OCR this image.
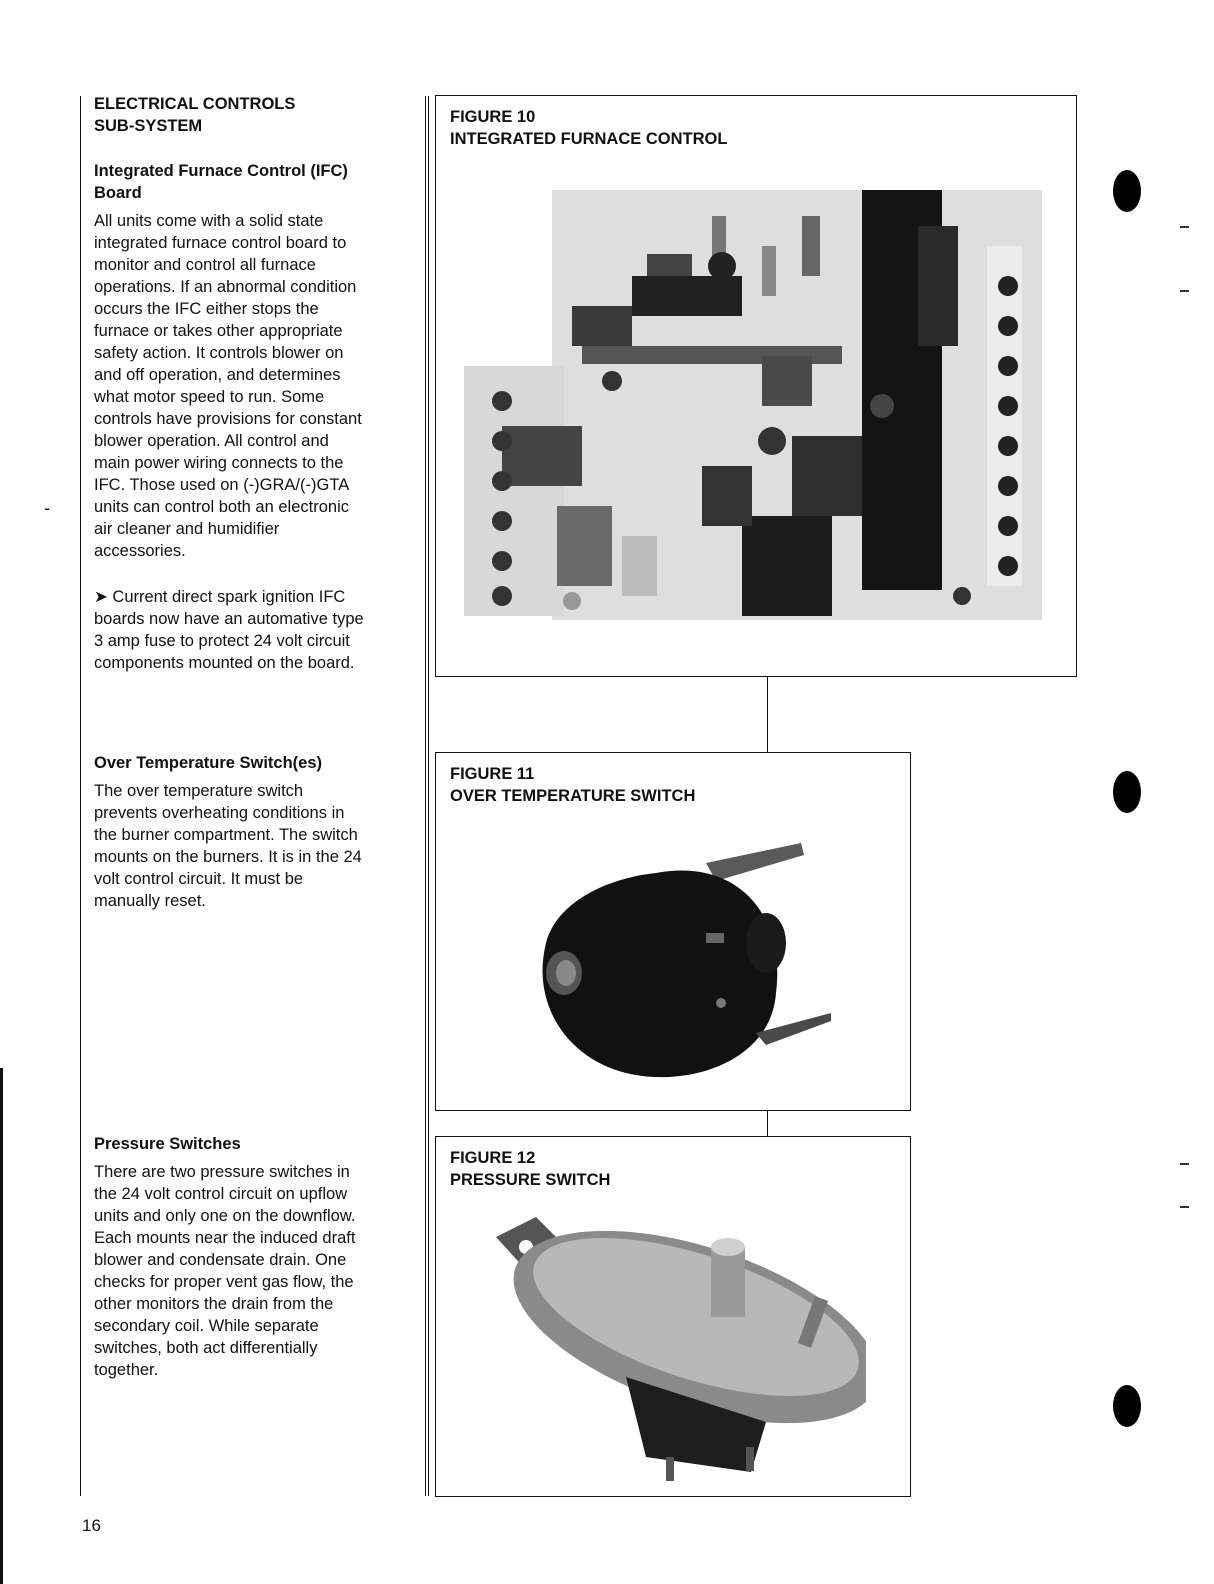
-
ELECTRICAL CONTROLS
SUB-SYSTEM
Integrated Furnace Control (IFC)
Board

All units come with a solid state
integrated furnace control board to
monitor and control all furnace
operations. If an abnormal condition
occurs the IFC either stops the
furnace or takes other appropriate
safety action. It controls blower on
and off operation, and determines
what motor speed to run. Some
controls have provisions for constant
blower operation. All control and
main power wiring connects to the
IFC. Those used on (-)GRA/(-)GTA
units can control both an electronic
air cleaner and humidifier
accessories.

➤ Current direct spark ignition IFC
boards now have an automative type
3 amp fuse to protect 24 volt circuit
components mounted on the board.

Over Temperature Switch(es)

The over temperature switch
prevents overheating conditions in
the burner compartment. The switch
mounts on the burners. It is in the 24
volt control circuit. It must be
manually reset.

Pressure Switches

There are two pressure switches in
the 24 volt control circuit on upflow
units and only one on the downflow.
Each mounts near the induced draft
blower and condensate drain. One
checks for proper vent gas flow, the
other monitors the drain from the
secondary coil. While separate
switches, both act differentially
together.

FIGURE 10
INTEGRATED FURNACE CONTROL
FIGURE 11
OVER TEMPERATURE SWITCH
FIGURE 12
PRESSURE SWITCH
16
